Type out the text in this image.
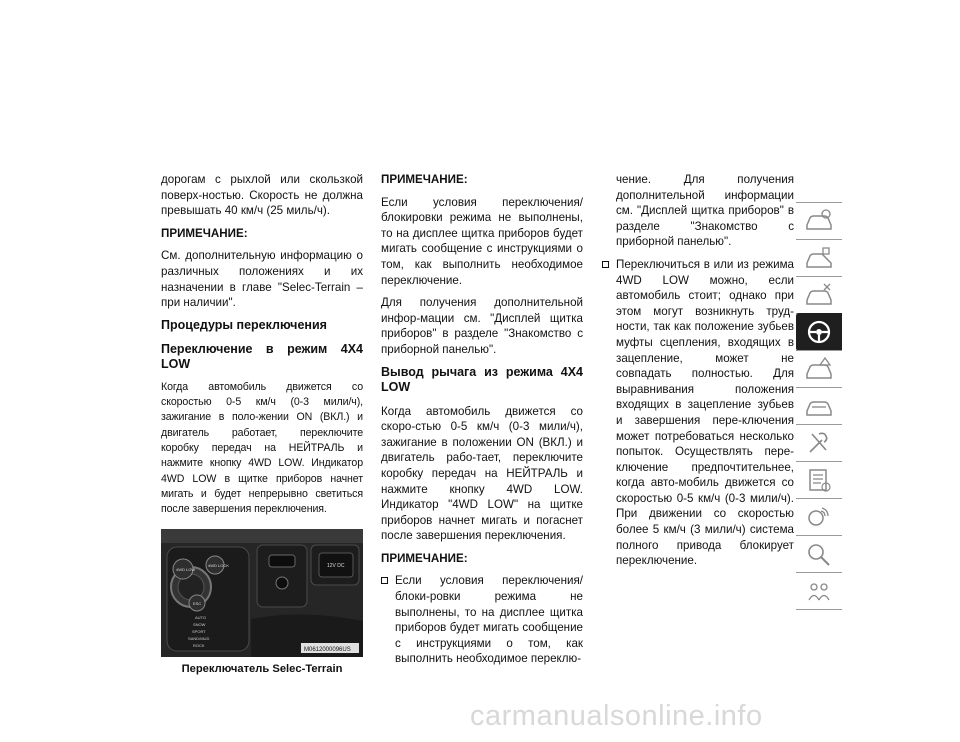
дорогам с рыхлой или скользкой поверх-ностью. Скорость не должна превышать 40 км/ч (25 миль/ч).

ПРИМЕЧАНИЕ:

См. дополнительную информацию о различных положениях и их назначении в главе "Selec-Terrain – при наличии".

Процедуры переключения
Переключение в режим 4X4 LOW

Когда автомобиль движется со скоростью 0-5 км/ч (0-3 мили/ч), зажигание в поло-жении ON (ВКЛ.) и двигатель работает, переключите коробку передач на НЕЙТРАЛЬ и нажмите кнопку 4WD LOW. Индикатор 4WD LOW в щитке приборов начнет мигать и будет непрерывно светиться после завершения переключения.

M0612000096US
4WD LOW
4WD LOCK
ESC
12V DC
AUTO
SNOW
SPORT
SAND/MUD
ROCK
Переключатель Selec-Terrain

ПРИМЕЧАНИЕ:

Если условия переключения/блокировки режима не выполнены, то на дисплее щитка приборов будет мигать сообщение с инструкциями о том, как выполнить необходимое переключение.

Для получения дополнительной инфор-мации см. "Дисплей щитка приборов" в разделе "Знакомство с приборной панелью".

Вывод рычага из режима 4X4 LOW

Когда автомобиль движется со скоро-стью 0-5 км/ч (0-3 мили/ч), зажигание в положении ON (ВКЛ.) и двигатель рабо-тает, переключите коробку передач на НЕЙТРАЛЬ и нажмите кнопку 4WD LOW. Индикатор "4WD LOW" на щитке приборов начнет мигать и погаснет после завершения переключения.

ПРИМЕЧАНИЕ:

Если условия переключения/блоки-ровки режима не выполнены, то на дисплее щитка приборов будет мигать сообщение с инструкциями о том, как выполнить необходимое переклю-

чение. Для получения дополнительной информации см. "Дисплей щитка приборов" в разделе "Знакомство с приборной панелью".

Переключиться в или из режима 4WD LOW можно, если автомобиль стоит; однако при этом могут возникнуть труд-ности, так как положение зубьев муфты сцепления, входящих в зацепление, может не совпадать полностью. Для выравнивания положения входящих в зацепление зубьев и завершения пере-ключения может потребоваться несколько попыток. Осуществлять пере-ключение предпочтительнее, когда авто-мобиль движется со скоростью 0-5 км/ч (0-3 мили/ч). При движении со скоростью более 5 км/ч (3 мили/ч) система полного привода блокирует переключение.
carmanualsonline.info
